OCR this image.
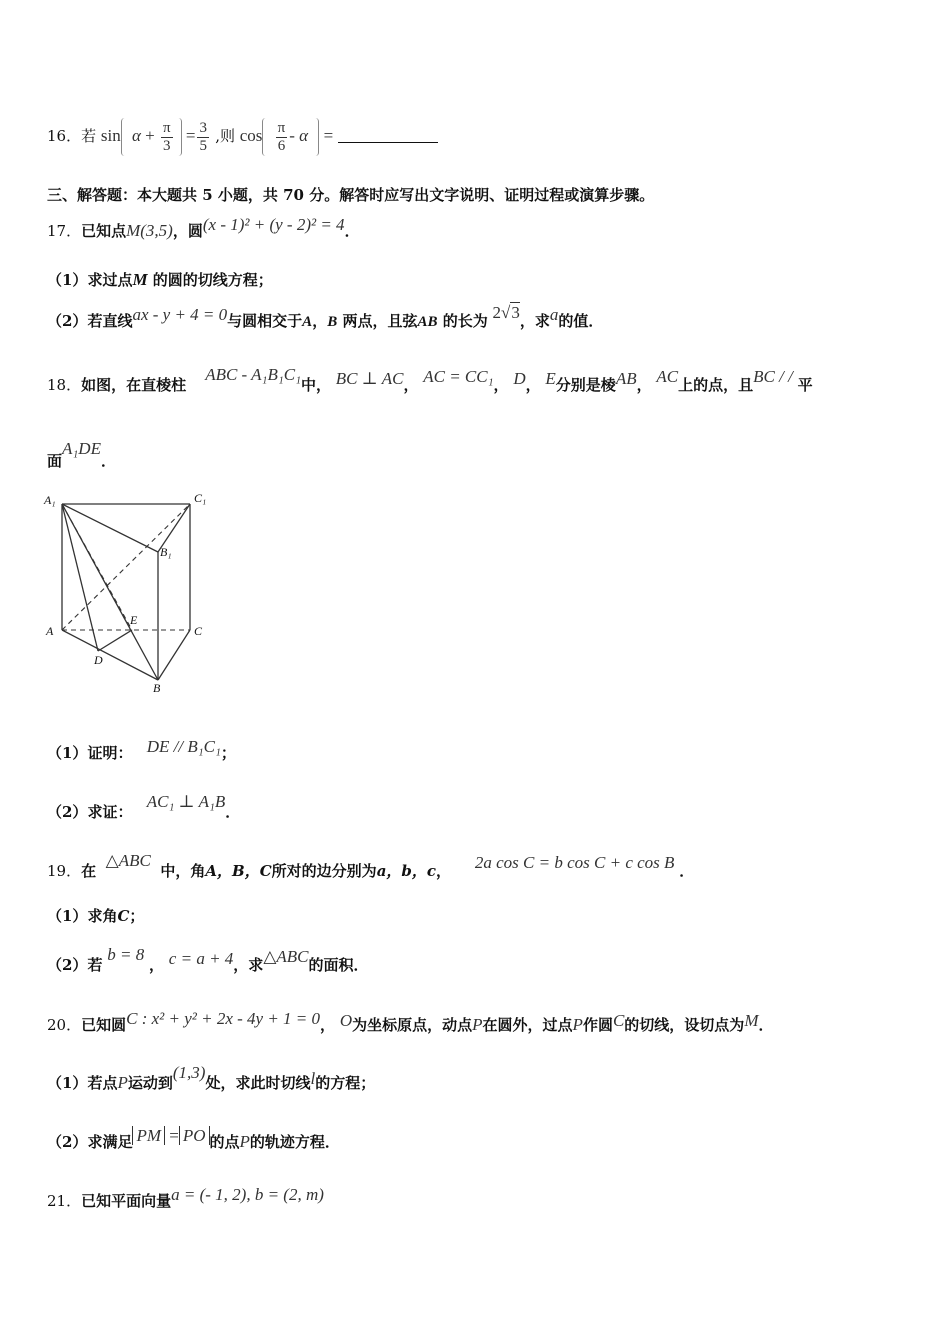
16．若 $\sin \alpha + \frac{\pi}{3} = \frac{3}{5}$ ,则 $\cos \frac{\pi}{6}$ - α =
三、解答题：本大题共 5 小题，共 70 分。解答时应写出文字说明、证明过程或演算步骤。
17．已知点M(3,5)，圆(x - 1)² + (y - 2)² = 4．
（1）求过点M 的圆的切线方程；
（2）若直线ax - y + 4 = 0与圆相交于A，B 两点，且弦AB 的长为 2√3，求a的值．
18．如图，在直棱柱    ABC - A₁B₁C₁中， BC ⊥ AC， AC = CC₁， D， E分别是棱AB， AC上的点，且BC / / 平
面A₁DE．
A₁	C₁
B₁
A
E
C
D
B
（1）证明： DE // B₁C₁；
（2）求证：   AC₁ ⊥ A₁B．
19．在  △ABC  中，角A，B，C所对的边分别为a，b，c， 2a cos C = b cos C + c cos B ．
（1）求角C；
（2）若 b = 8 ， c = a + 4，求△ABC的面积．
20．已知圆C : x² + y² + 2x - 4y + 1 = 0， O为坐标原点，动点P在圆外，过点P作圆C的切线，设切点为M．
（1）若点P运动到(1,3)处，求此时切线l的方程；
（2）求满足 PM = PO 的点P的轨迹方程．
21．已知平面向量a = (- 1, 2), b = (2, m)
